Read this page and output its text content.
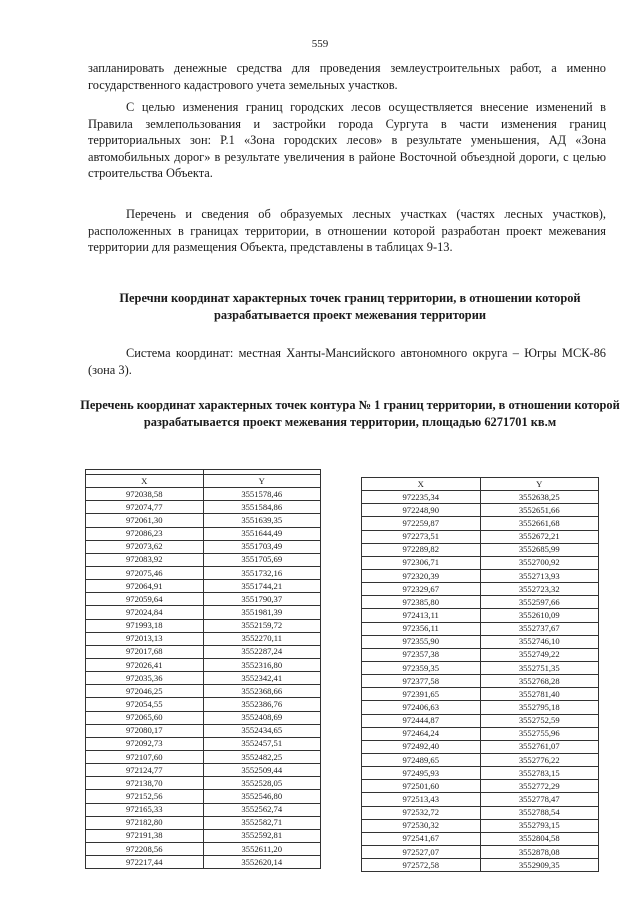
559

запланировать денежные средства для проведения землеустроительных работ, а именно государственного кадастрового учета земельных участков.

С целью изменения границ городских лесов осуществляется внесение изменений в Правила землепользования и застройки города Сургута в части изменения границ территориальных зон: Р.1 «Зона городских лесов» в результате уменьшения, АД «Зона автомобильных дорог» в результате увеличения в районе Восточной объездной дороги, с целью строительства Объекта.

Перечень и сведения об образуемых лесных участках (частях лесных участков), расположенных в границах территории, в отношении которой разработан проект межевания территории для размещения Объекта, представлены в таблицах 9-13.

Перечни координат характерных точек границ территории, в отношении которой разрабатывается проект межевания территории

Система координат: местная Ханты-Мансийского автономного округа – Югры МСК-86 (зона 3).

Перечень координат характерных точек контура № 1 границ территории, в отношении которой разрабатывается проект межевания территории, площадью 6271701 кв.м

X	Y
972038,58	3551578,46
972074,77	3551584,86
972061,30	3551639,35
972086,23	3551644,49
972073,62	3551703,49
972083,92	3551705,69
972075,46	3551732,16
972064,91	3551744,21
972059,64	3551790,37
972024,84	3551981,39
971993,18	3552159,72
972013,13	3552270,11
972017,68	3552287,24
972026,41	3552316,80
972035,36	3552342,41
972046,25	3552368,66
972054,55	3552386,76
972065,60	3552408,69
972080,17	3552434,65
972092,73	3552457,51
972107,60	3552482,25
972124,77	3552509,44
972138,70	3552528,05
972152,56	3552546,80
972165,33	3552562,74
972182,80	3552582,71
972191,38	3552592,81
972208,56	3552611,20
972217,44	3552620,14
X	Y
972235,34	3552638,25
972248,90	3552651,66
972259,87	3552661,68
972273,51	3552672,21
972289,82	3552685,99
972306,71	3552700,92
972320,39	3552713,93
972329,67	3552723,32
972385,80	3552597,66
972413,11	3552610,09
972356,11	3552737,67
972355,90	3552746,10
972357,38	3552749,22
972359,35	3552751,35
972377,58	3552768,28
972391,65	3552781,40
972406,63	3552795,18
972444,87	3552752,59
972464,24	3552755,96
972492,40	3552761,07
972489,65	3552776,22
972495,93	3552783,15
972501,60	3552772,29
972513,43	3552778,47
972532,72	3552788,54
972530,32	3552793,15
972541,67	3552804,58
972527,07	3552878,08
972572,58	3552909,35
